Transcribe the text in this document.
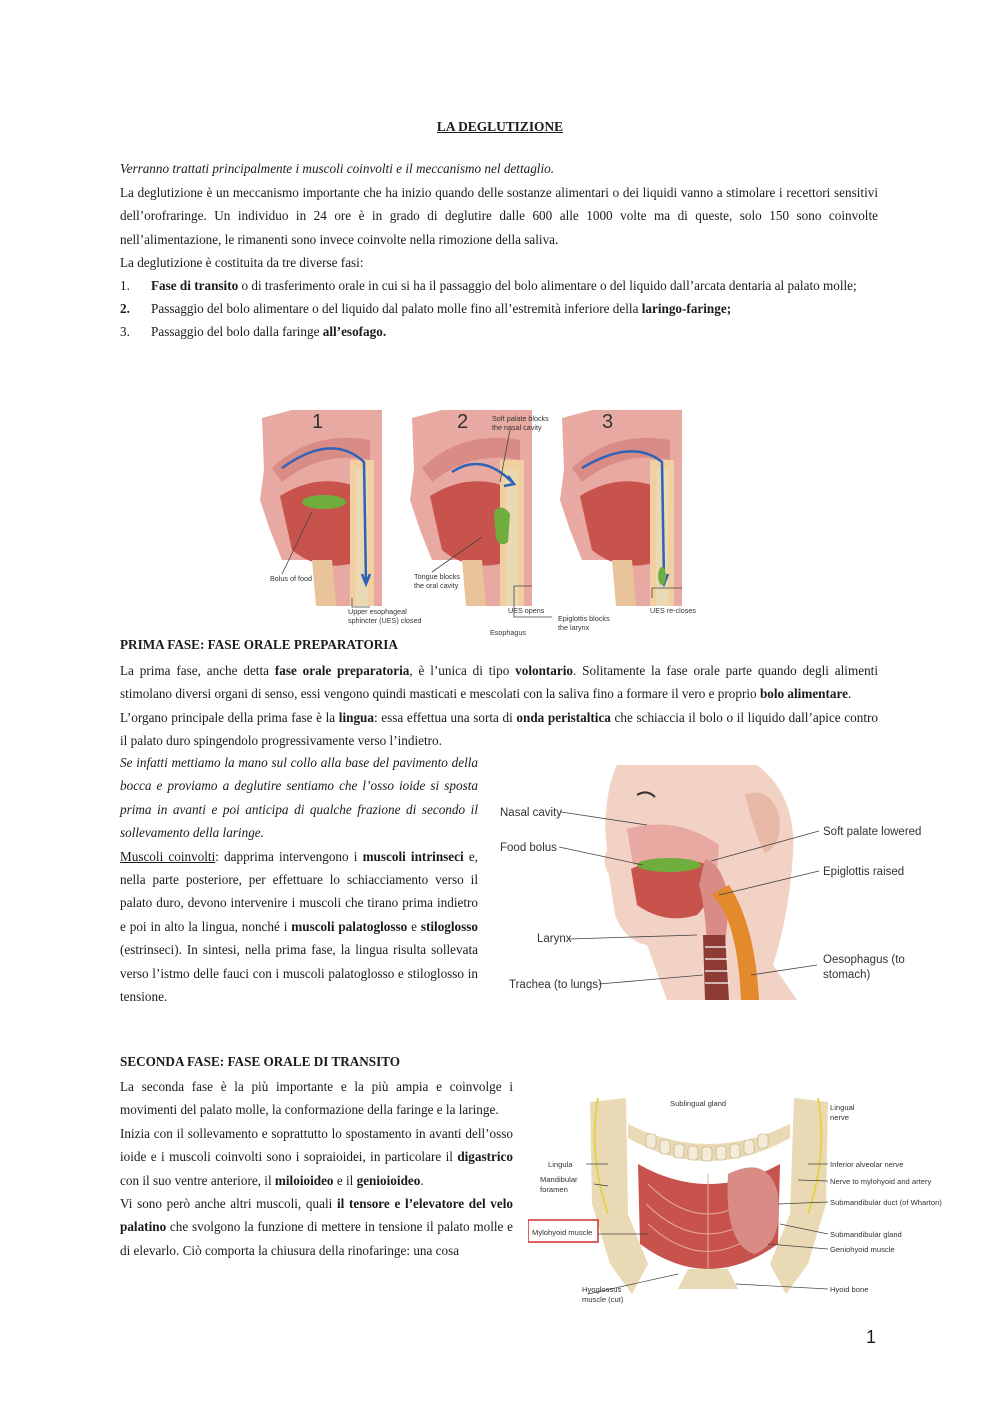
LA DEGLUTIZIONE
Verranno trattati principalmente i muscoli coinvolti e il meccanismo nel dettaglio.
La deglutizione è un meccanismo importante che ha inizio quando delle sostanze alimentari o dei liquidi vanno a stimolare i recettori sensitivi dell’orofraringe. Un individuo in 24 ore è in grado di deglutire dalle 600 alle 1000 volte ma di queste, solo 150 sono coinvolte nell’alimentazione, le rimanenti sono invece coinvolte nella rimozione della saliva.
La deglutizione è costituita da tre diverse fasi:
1. Fase di transito o di trasferimento orale in cui si ha il passaggio del bolo alimentare o del liquido dall’arcata dentaria al palato molle;
2. Passaggio del bolo alimentare o del liquido dal palato molle fino all’estremità inferiore della laringo-faringe;
3. Passaggio del bolo dalla faringe all’esofago.
1	2	3
Bolus of food
Upper esophageal
sphincter (UES) closed
Tongue blocks
the oral cavity
Soft palate blocks
the nasal cavity
UES opens
Esophagus
Epiglottis blocks
the larynx
UES re-closes
PRIMA FASE: FASE ORALE PREPARATORIA
La prima fase, anche detta fase orale preparatoria, è l’unica di tipo volontario. Solitamente la fase orale parte quando degli alimenti stimolano diversi organi di senso, essi vengono quindi masticati e mescolati con la saliva fino a formare il vero e proprio bolo alimentare.
L’organo principale della prima fase è la lingua: essa effettua una sorta di onda peristaltica che schiaccia il bolo o il liquido dall’apice contro il palato duro spingendolo progressivamente verso l’indietro.
Se infatti mettiamo la mano sul collo alla base del pavimento della bocca e proviamo a deglutire sentiamo che l’osso ioide si sposta prima in avanti e poi anticipa di qualche frazione di secondo il sollevamento della laringe.
Muscoli coinvolti: dapprima intervengono i muscoli intrinseci e, nella parte posteriore, per effettuare lo schiacciamento verso il palato duro, devono intervenire i muscoli che tirano prima indietro e poi in alto la lingua, nonché i muscoli palatoglosso e stiloglosso (estrinseci). In sintesi, nella prima fase, la lingua risulta sollevata verso l’istmo delle fauci con i muscoli palatoglosso e stiloglosso in tensione.
Nasal cavity
Food bolus
Larynx
Trachea (to lungs)
Soft palate lowered
Epiglottis raised
Oesophagus (to
stomach)
SECONDA FASE: FASE ORALE DI TRANSITO
La seconda fase è la più importante e la più ampia e coinvolge i movimenti del palato molle, la conformazione della faringe e la laringe.
Inizia con il sollevamento e soprattutto lo spostamento in avanti dell’osso ioide e i muscoli coinvolti sono i sopraioidei, in particolare il digastrico con il suo ventre anteriore, il miloioideo e il genioioideo.
Vi sono però anche altri muscoli, quali il tensore e l’elevatore del velo palatino che svolgono la funzione di mettere in tensione il palato molle e di elevarlo. Ciò comporta la chiusura della rinofaringe: una cosa
Sublingual gland	Lingual
nerve
Lingula
Mandibular
foramen
Inferior alveolar nerve
Nerve to mylohyoid and artery
Submandibular duct (of Wharton)
Mylohyoid muscle	Submandibular gland
Geniohyoid muscle
Hyoglossus
muscle (cut)
Hyoid bone
1
